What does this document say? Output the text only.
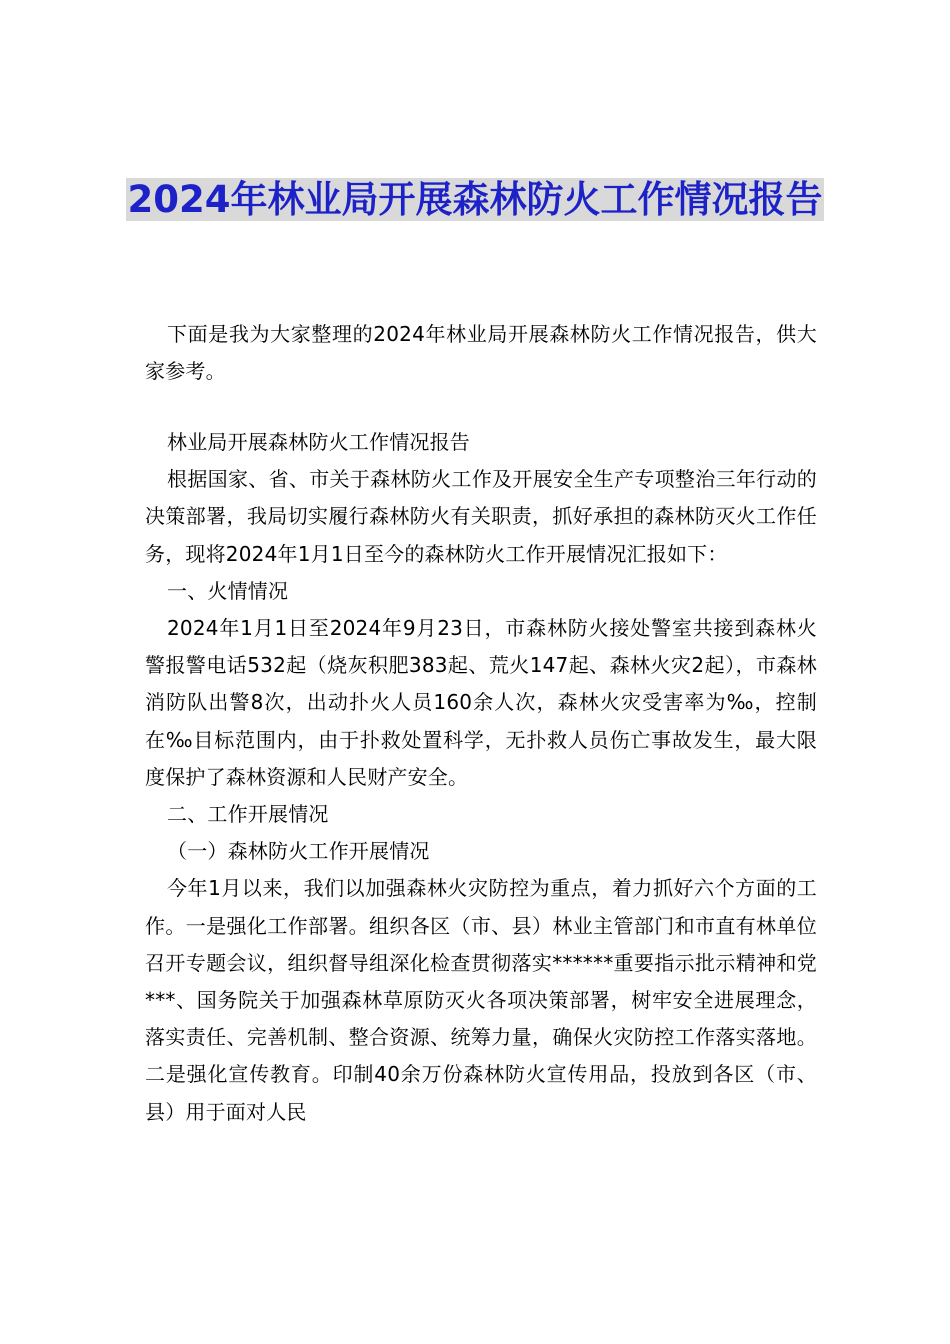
2024年林业局开展森林防火工作情况报告

下面是我为大家整理的2024年林业局开展森林防火工作情况报告，供大家参考。

林业局开展森林防火工作情况报告

根据国家、省、市关于森林防火工作及开展安全生产专项整治三年行动的决策部署，我局切实履行森林防火有关职责，抓好承担的森林防灭火工作任务，现将2024年1月1日至今的森林防火工作开展情况汇报如下：

一、火情情况

2024年1月1日至2024年9月23日，市森林防火接处警室共接到森林火警报警电话532起（烧灰积肥383起、荒火147起、森林火灾2起），市森林消防队出警8次，出动扑火人员160余人次，森林火灾受害率为‰，控制在‰目标范围内，由于扑救处置科学，无扑救人员伤亡事故发生，最大限度保护了森林资源和人民财产安全。

二、工作开展情况

（一）森林防火工作开展情况

今年1月以来，我们以加强森林火灾防控为重点，着力抓好六个方面的工作。一是强化工作部署。组织各区（市、县）林业主管部门和市直有林单位召开专题会议，组织督导组深化检查贯彻落实******重要指示批示精神和党***、国务院关于加强森林草原防灭火各项决策部署，树牢安全进展理念，落实责任、完善机制、整合资源、统筹力量，确保火灾防控工作落实落地。二是强化宣传教育。印制40余万份森林防火宣传用品，投放到各区（市、县）用于面对人民
